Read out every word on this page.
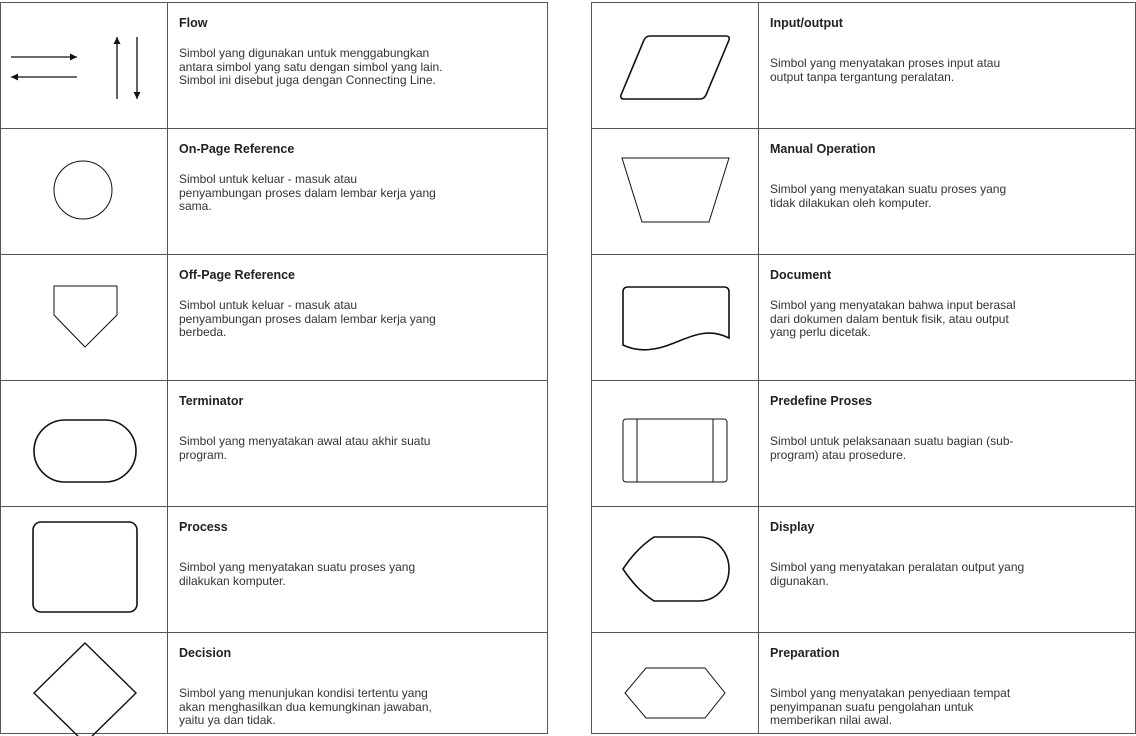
Flow
Simbol yang digunakan untuk menggabungkan
antara simbol yang satu dengan simbol yang lain.
Simbol ini disebut juga dengan Connecting Line.

On-Page Reference
Simbol untuk keluar - masuk atau
penyambungan proses dalam lembar kerja yang
sama.

Off-Page Reference
Simbol untuk keluar - masuk atau
penyambungan proses dalam lembar kerja yang
berbeda.

Terminator
Simbol yang menyatakan awal atau akhir suatu
program.

Process
Simbol yang menyatakan suatu proses yang
dilakukan komputer.

Decision
Simbol yang menunjukan kondisi tertentu yang
akan menghasilkan dua kemungkinan jawaban,
yaitu ya dan tidak.

Input/output
Simbol yang menyatakan proses input atau
output tanpa tergantung peralatan.

Manual Operation
Simbol yang menyatakan suatu proses yang
tidak dilakukan oleh komputer.

Document
Simbol yang menyatakan bahwa input berasal
dari dokumen dalam bentuk fisik, atau output
yang perlu dicetak.

Predefine Proses
Simbol untuk pelaksanaan suatu bagian (sub-
program) atau prosedure.

Display
Simbol yang menyatakan peralatan output yang
digunakan.

Preparation
Simbol yang menyatakan penyediaan tempat
penyimpanan suatu pengolahan untuk
memberikan nilai awal.
